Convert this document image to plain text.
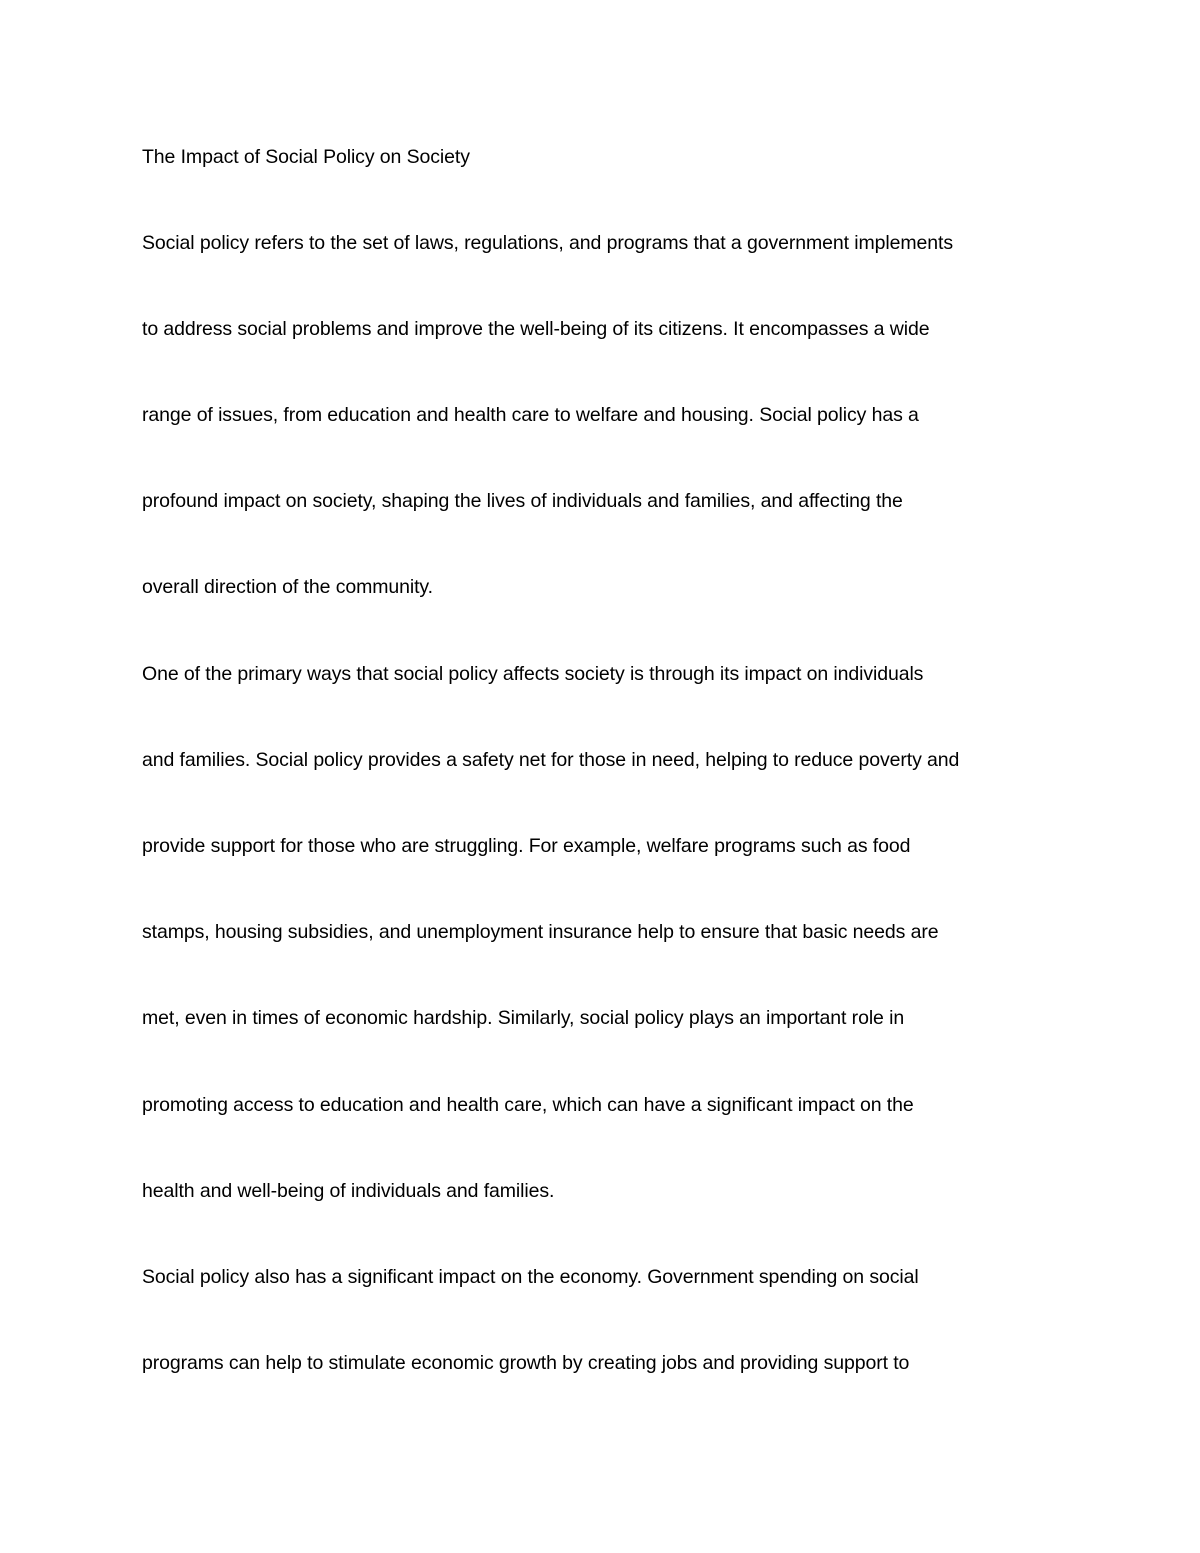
The Impact of Social Policy on Society
Social policy refers to the set of laws, regulations, and programs that a government implements
to address social problems and improve the well-being of its citizens. It encompasses a wide
range of issues, from education and health care to welfare and housing. Social policy has a
profound impact on society, shaping the lives of individuals and families, and affecting the
overall direction of the community.
One of the primary ways that social policy affects society is through its impact on individuals
and families. Social policy provides a safety net for those in need, helping to reduce poverty and
provide support for those who are struggling. For example, welfare programs such as food
stamps, housing subsidies, and unemployment insurance help to ensure that basic needs are
met, even in times of economic hardship. Similarly, social policy plays an important role in
promoting access to education and health care, which can have a significant impact on the
health and well-being of individuals and families.
Social policy also has a significant impact on the economy. Government spending on social
programs can help to stimulate economic growth by creating jobs and providing support to
